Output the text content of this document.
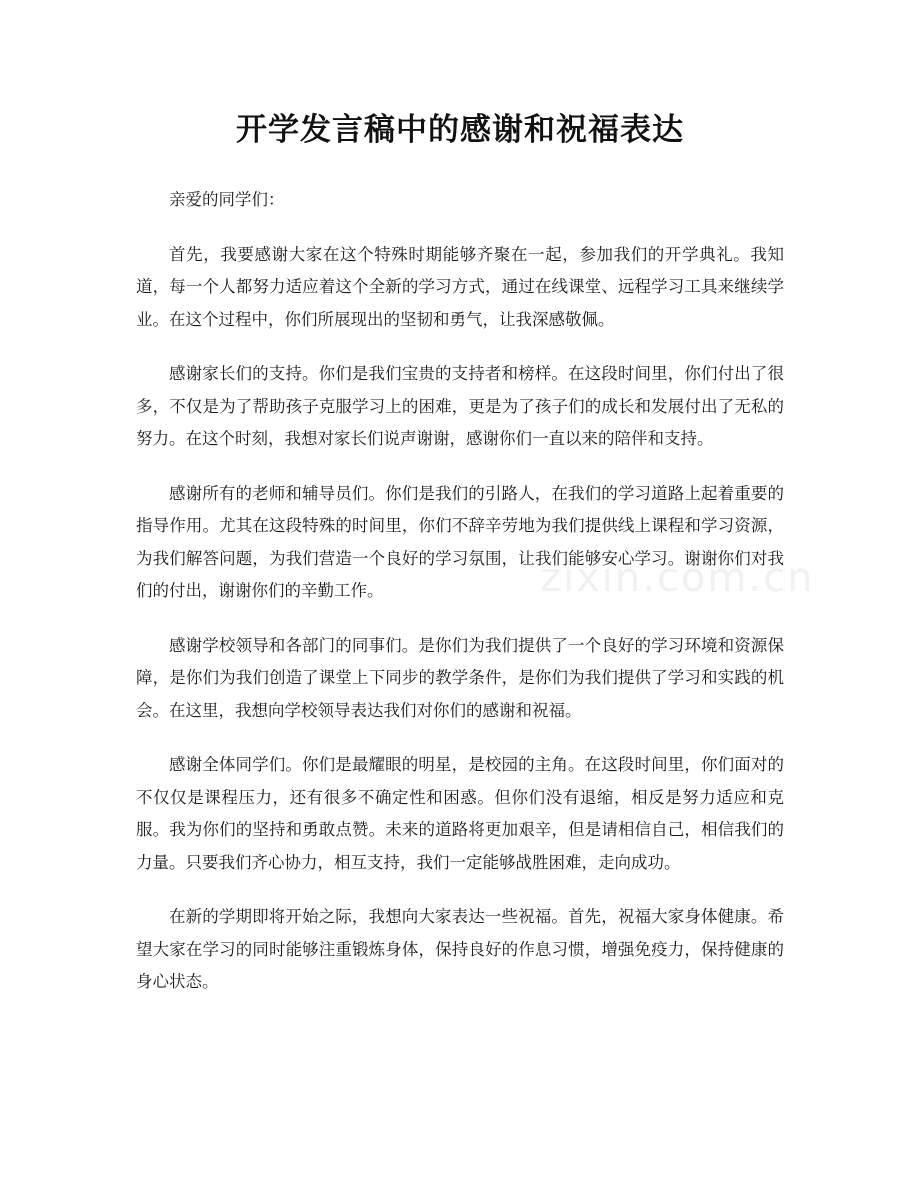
开学发言稿中的感谢和祝福表达

亲爱的同学们：

首先，我要感谢大家在这个特殊时期能够齐聚在一起，参加我们的开学典礼。我知道，每一个人都努力适应着这个全新的学习方式，通过在线课堂、远程学习工具来继续学业。在这个过程中，你们所展现出的坚韧和勇气，让我深感敬佩。

感谢家长们的支持。你们是我们宝贵的支持者和榜样。在这段时间里，你们付出了很多，不仅是为了帮助孩子克服学习上的困难，更是为了孩子们的成长和发展付出了无私的努力。在这个时刻，我想对家长们说声谢谢，感谢你们一直以来的陪伴和支持。

感谢所有的老师和辅导员们。你们是我们的引路人，在我们的学习道路上起着重要的指导作用。尤其在这段特殊的时间里，你们不辞辛劳地为我们提供线上课程和学习资源，为我们解答问题，为我们营造一个良好的学习氛围，让我们能够安心学习。谢谢你们对我们的付出，谢谢你们的辛勤工作。

感谢学校领导和各部门的同事们。是你们为我们提供了一个良好的学习环境和资源保障，是你们为我们创造了课堂上下同步的教学条件，是你们为我们提供了学习和实践的机会。在这里，我想向学校领导表达我们对你们的感谢和祝福。

感谢全体同学们。你们是最耀眼的明星，是校园的主角。在这段时间里，你们面对的不仅仅是课程压力，还有很多不确定性和困惑。但你们没有退缩，相反是努力适应和克服。我为你们的坚持和勇敢点赞。未来的道路将更加艰辛，但是请相信自己，相信我们的力量。只要我们齐心协力，相互支持，我们一定能够战胜困难，走向成功。

在新的学期即将开始之际，我想向大家表达一些祝福。首先，祝福大家身体健康。希望大家在学习的同时能够注重锻炼身体，保持良好的作息习惯，增强免疫力，保持健康的身心状态。

zixin.com.cn
